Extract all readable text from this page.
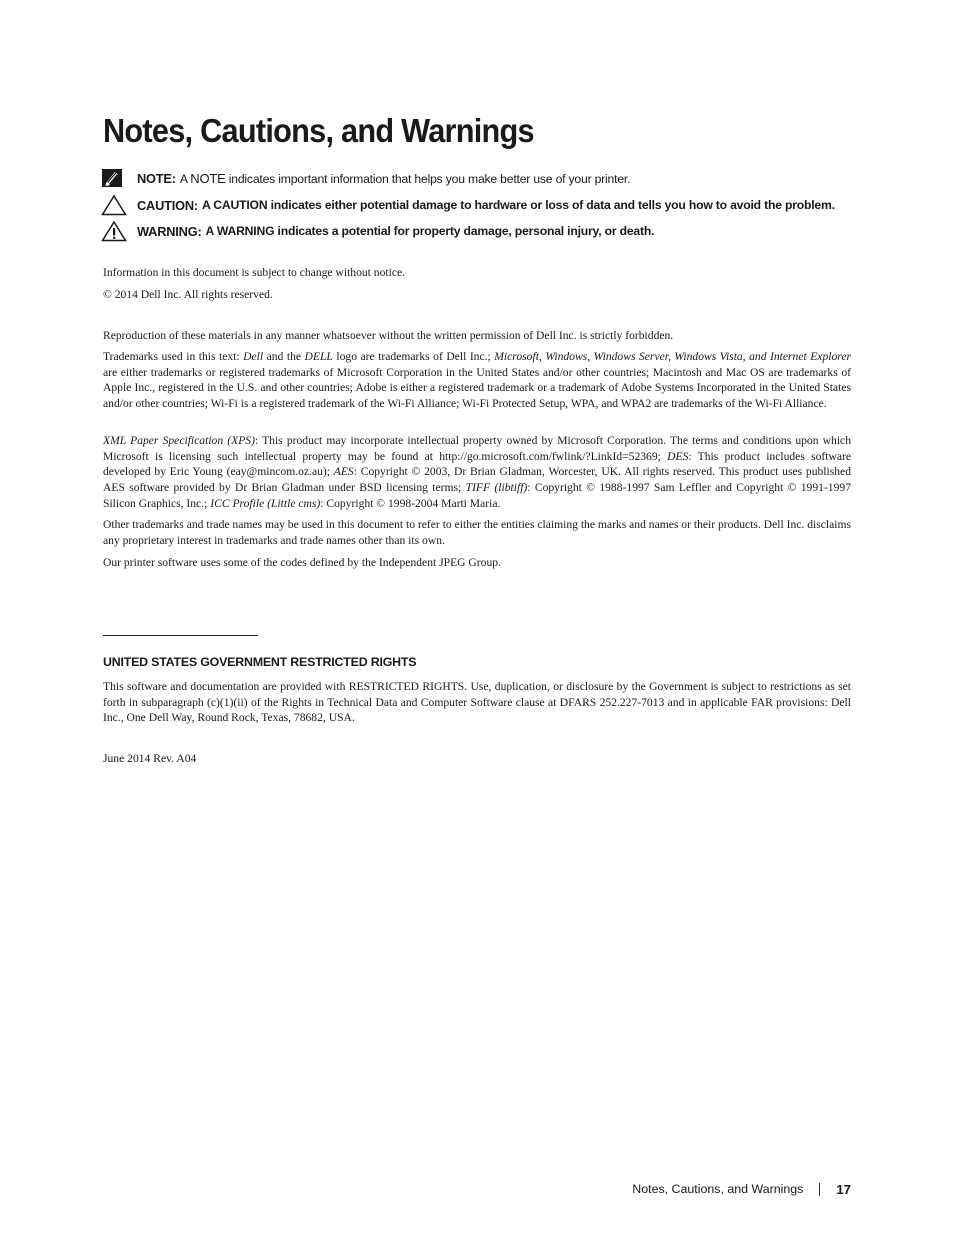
Notes, Cautions, and Warnings
NOTE: A NOTE indicates important information that helps you make better use of your printer.
CAUTION: A CAUTION indicates either potential damage to hardware or loss of data and tells you how to avoid the problem.
WARNING: A WARNING indicates a potential for property damage, personal injury, or death.

Information in this document is subject to change without notice.

© 2014 Dell Inc. All rights reserved.

Reproduction of these materials in any manner whatsoever without the written permission of Dell Inc. is strictly forbidden.

Trademarks used in this text: Dell and the DELL logo are trademarks of Dell Inc.; Microsoft, Windows, Windows Server, Windows Vista, and Internet Explorer are either trademarks or registered trademarks of Microsoft Corporation in the United States and/or other countries; Macintosh and Mac OS are trademarks of Apple Inc., registered in the U.S. and other countries; Adobe is either a registered trademark or a trademark of Adobe Systems Incorporated in the United States and/or other countries; Wi-Fi is a registered trademark of the Wi-Fi Alliance; Wi-Fi Protected Setup, WPA, and WPA2 are trademarks of the Wi-Fi Alliance.

XML Paper Specification (XPS): This product may incorporate intellectual property owned by Microsoft Corporation. The terms and conditions upon which Microsoft is licensing such intellectual property may be found at http://go.microsoft.com/fwlink/?LinkId=52369; DES: This product includes software developed by Eric Young (eay@mincom.oz.au); AES: Copyright © 2003, Dr Brian Gladman, Worcester, UK. All rights reserved. This product uses published AES software provided by Dr Brian Gladman under BSD licensing terms; TIFF (libtiff): Copyright © 1988-1997 Sam Leffler and Copyright © 1991-1997 Silicon Graphics, Inc.; ICC Profile (Little cms): Copyright © 1998-2004 Marti Maria.

Other trademarks and trade names may be used in this document to refer to either the entities claiming the marks and names or their products. Dell Inc. disclaims any proprietary interest in trademarks and trade names other than its own.

Our printer software uses some of the codes defined by the Independent JPEG Group.

UNITED STATES GOVERNMENT RESTRICTED RIGHTS

This software and documentation are provided with RESTRICTED RIGHTS. Use, duplication, or disclosure by the Government is subject to restrictions as set forth in subparagraph (c)(1)(ii) of the Rights in Technical Data and Computer Software clause at DFARS 252.227-7013 and in applicable FAR provisions: Dell Inc., One Dell Way, Round Rock, Texas, 78682, USA.

June 2014 Rev. A04

Notes, Cautions, and Warnings	17
